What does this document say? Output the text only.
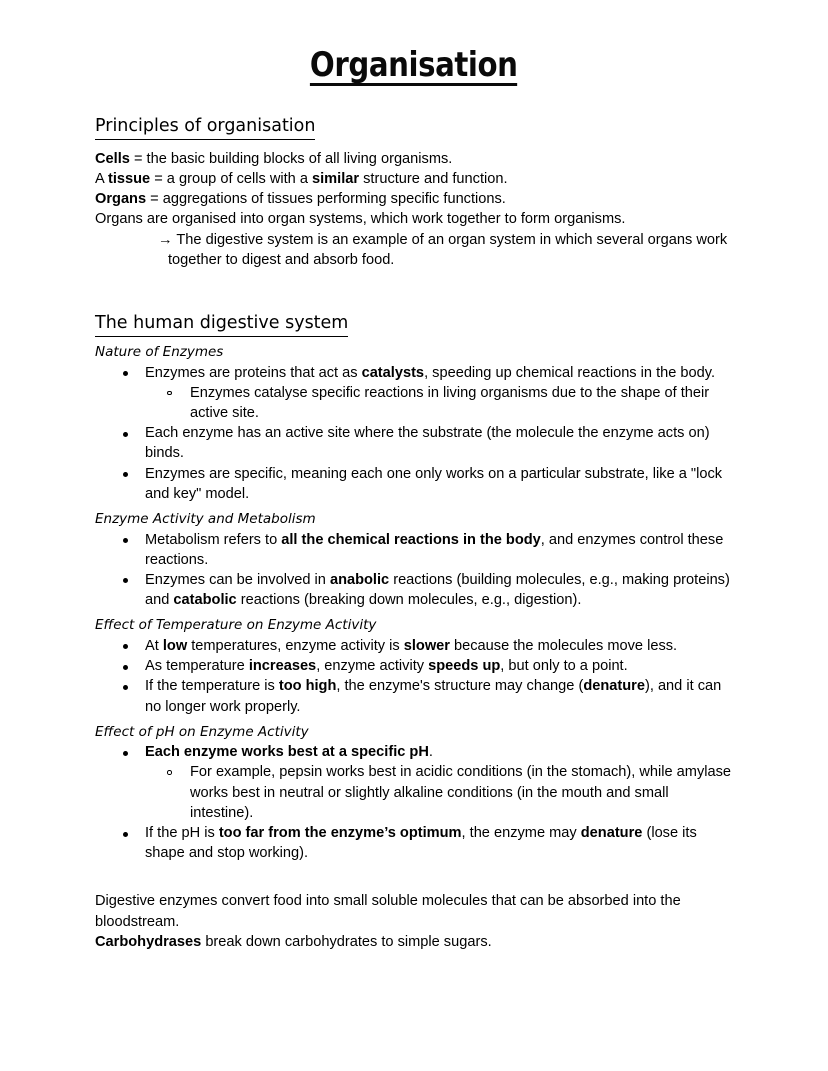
Organisation
Principles of organisation
Cells = the basic building blocks of all living organisms.
A tissue = a group of cells with a similar structure and function.
Organs = aggregations of tissues performing specific functions.
Organs are organised into organ systems, which work together to form organisms.
→ The digestive system is an example of an organ system in which several organs work together to digest and absorb food.
The human digestive system
Nature of Enzymes
Enzymes are proteins that act as catalysts, speeding up chemical reactions in the body.
Enzymes catalyse specific reactions in living organisms due to the shape of their active site.
Each enzyme has an active site where the substrate (the molecule the enzyme acts on) binds.
Enzymes are specific, meaning each one only works on a particular substrate, like a "lock and key" model.
Enzyme Activity and Metabolism
Metabolism refers to all the chemical reactions in the body, and enzymes control these reactions.
Enzymes can be involved in anabolic reactions (building molecules, e.g., making proteins) and catabolic reactions (breaking down molecules, e.g., digestion).
Effect of Temperature on Enzyme Activity
At low temperatures, enzyme activity is slower because the molecules move less.
As temperature increases, enzyme activity speeds up, but only to a point.
If the temperature is too high, the enzyme's structure may change (denature), and it can no longer work properly.
Effect of pH on Enzyme Activity
Each enzyme works best at a specific pH.
For example, pepsin works best in acidic conditions (in the stomach), while amylase works best in neutral or slightly alkaline conditions (in the mouth and small intestine).
If the pH is too far from the enzyme’s optimum, the enzyme may denature (lose its shape and stop working).
Digestive enzymes convert food into small soluble molecules that can be absorbed into the bloodstream.
Carbohydrases break down carbohydrates to simple sugars.
